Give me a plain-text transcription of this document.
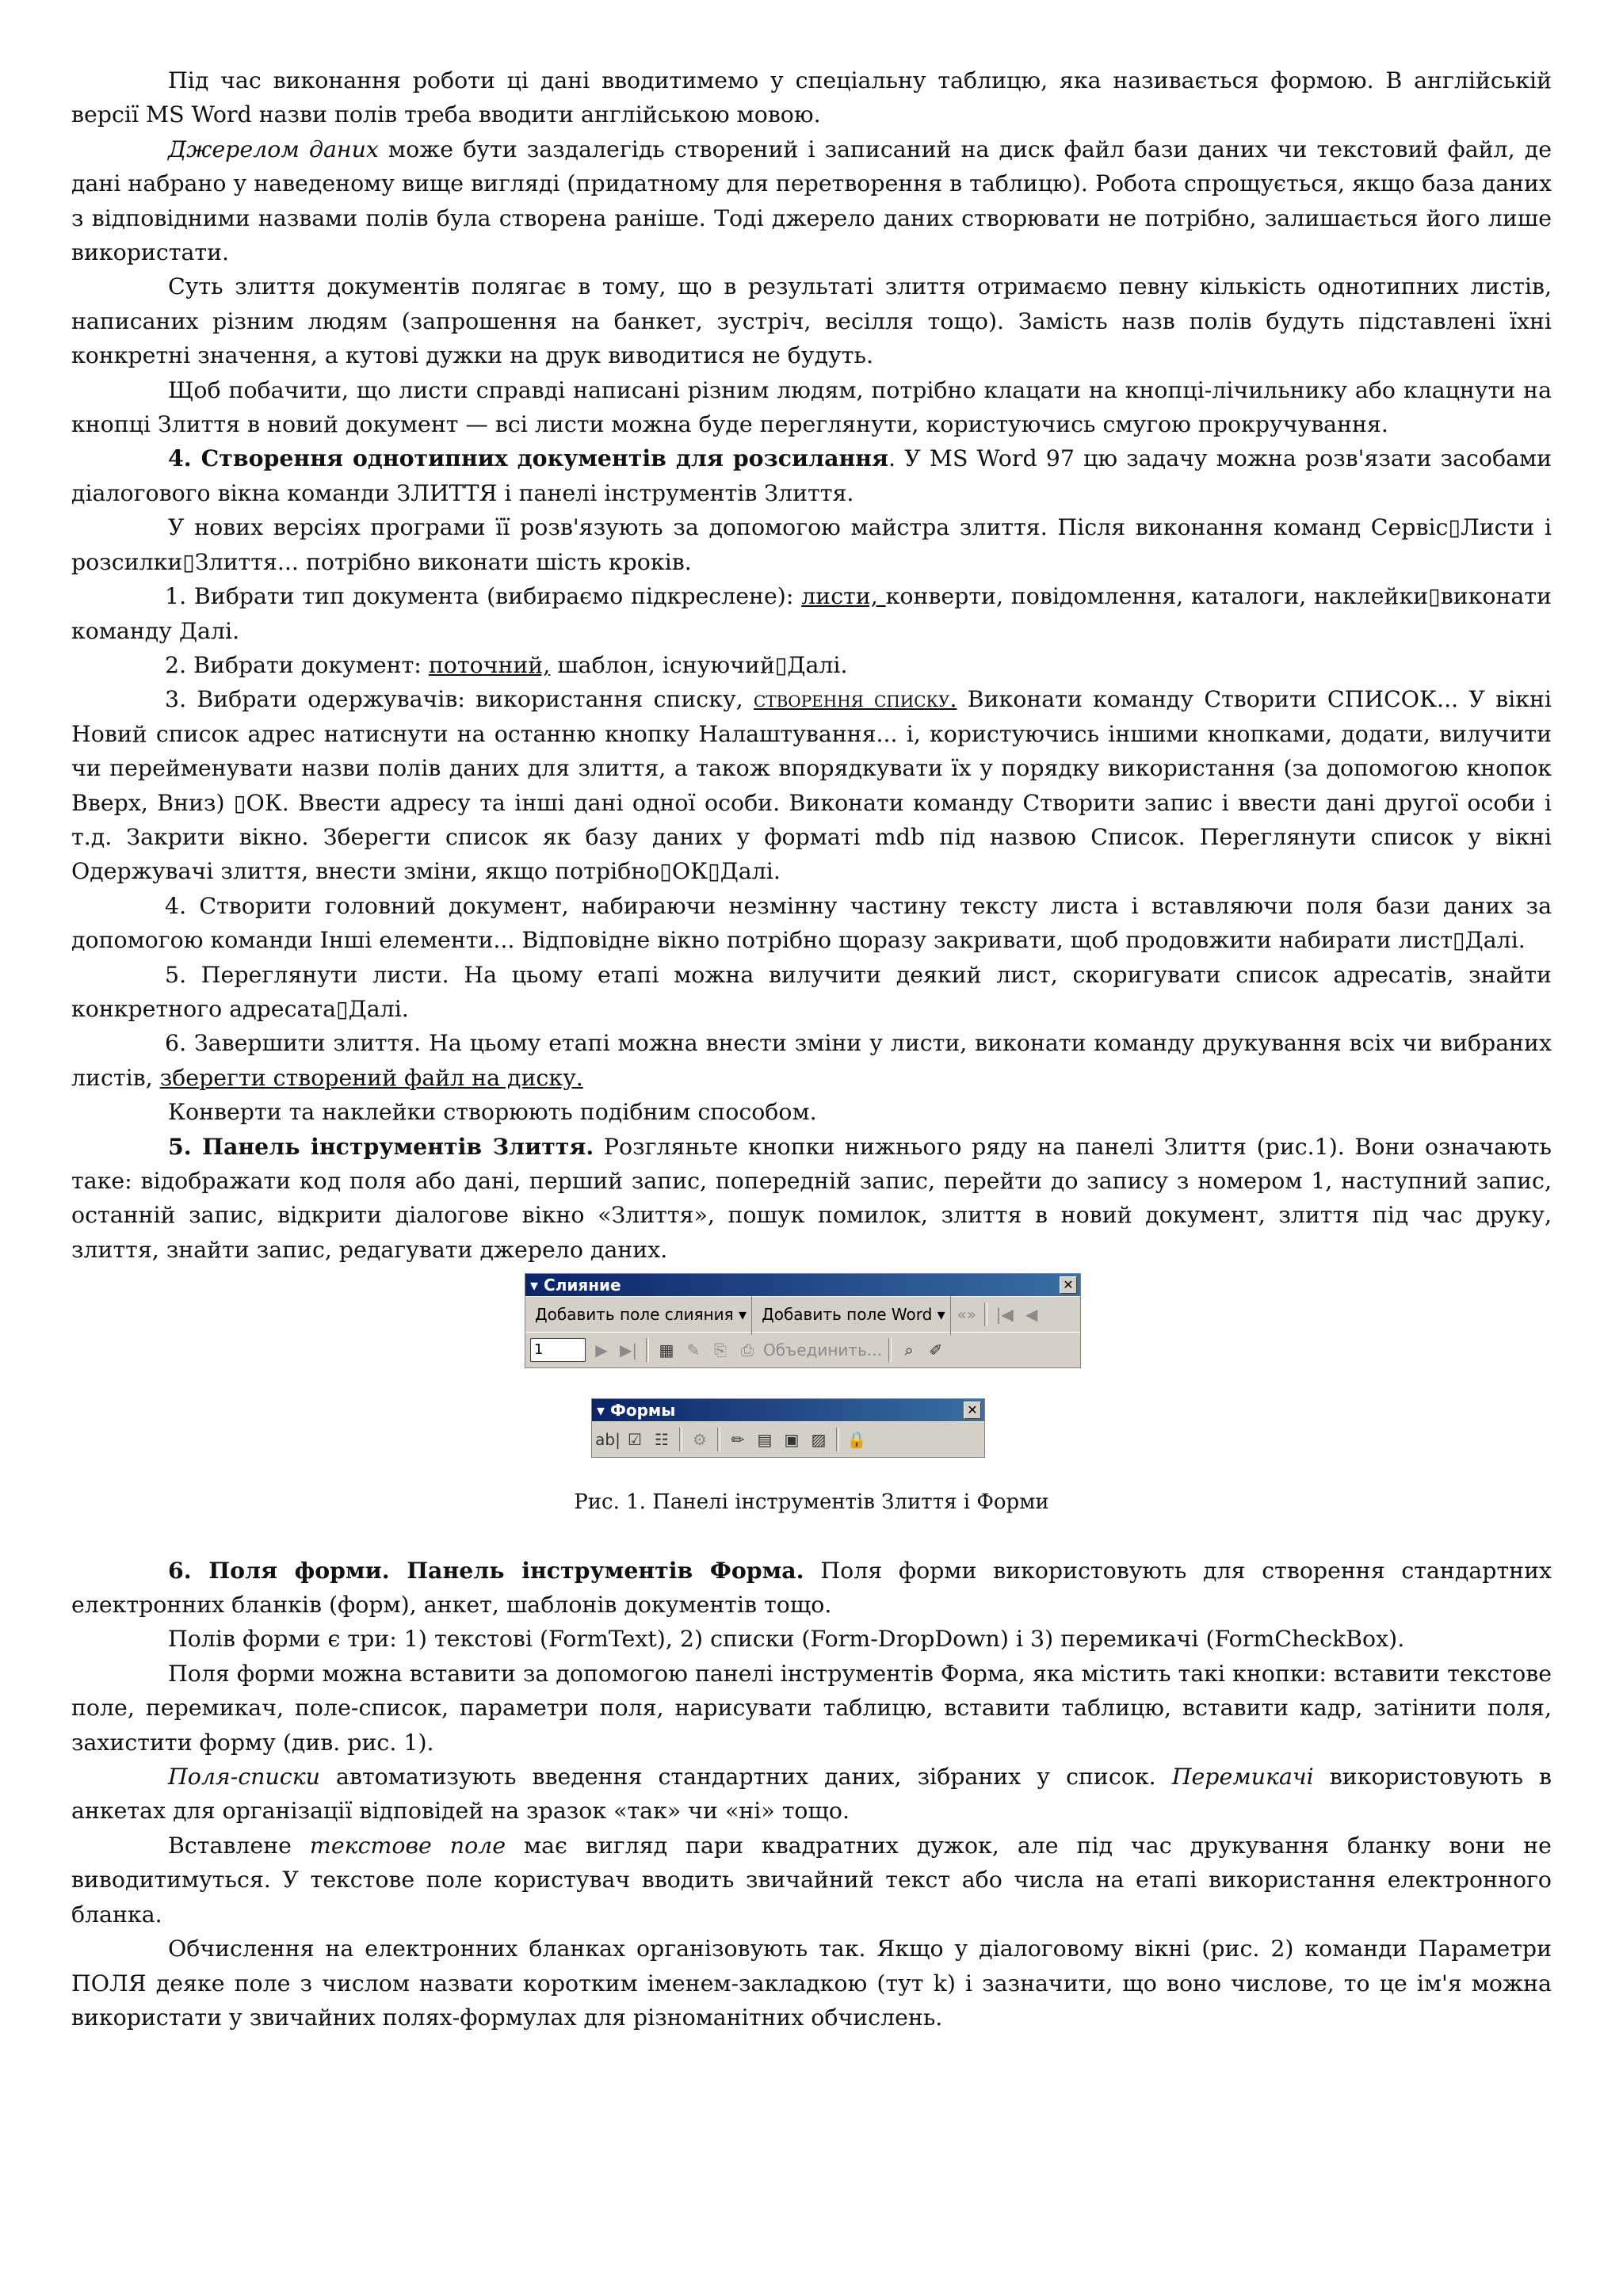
Під час виконання роботи ці дані вводитимемо у спеціальну таблицю, яка називається формою. В англійській версії MS Word назви полів треба вводити англійською мовою.

Джерелом даних може бути заздалегідь створений і записаний на диск файл бази даних чи текстовий файл, де дані набрано у наведеному вище вигляді (придатному для перетворення в таблицю). Робота спрощується, якщо база даних з відповідними назвами полів була створена раніше. Тоді джерело даних створювати не потрібно, залишається його лише використати.

Суть злиття документів полягає в тому, що в результаті злиття отримаємо певну кількість однотипних листів, написаних різним людям (запрошення на банкет, зустріч, весілля тощо). Замість назв полів будуть підставлені їхні конкретні значення, а кутові дужки на друк виводитися не будуть.

Щоб побачити, що листи справді написані різним людям, потрібно клацати на кнопці-лічильнику або клацнути на кнопці Злиття в новий документ — всі листи можна буде переглянути, користуючись смугою прокручування.

4. Створення однотипних документів для розсилання. У MS Word 97 цю задачу можна розв'язати засобами діалогового вікна команди ЗЛИТТЯ і панелі інструментів Злиття.

У нових версіях програми її розв'язують за допомогою майстра злиття. Після виконання команд Сервіс▯Листи і розсилки▯Злиття... потрібно виконати шість кроків.

1. Вибрати тип документа (вибираємо підкреслене): листи, конверти, повідомлення, каталоги, наклейки▯виконати команду Далі.

2. Вибрати документ: поточний, шаблон, існуючий▯Далі.

3. Вибрати одержувачів: використання списку, створення списку. Виконати команду Створити СПИСОК... У вікні Новий список адрес натиснути на останню кнопку Налаштування... і, користуючись іншими кнопками, додати, вилучити чи перейменувати назви полів даних для злиття, а також впорядкувати їх у порядку використання (за допомогою кнопок Вверх, Вниз) ▯ОК. Ввести адресу та інші дані одної особи. Виконати команду Створити запис і ввести дані другої особи і т.д. Закрити вікно. Зберегти список як базу даних у форматі mdb під назвою Список. Переглянути список у вікні Одержувачі злиття, внести зміни, якщо потрібно▯ОК▯Далі.

4. Створити головний документ, набираючи незмінну частину тексту листа і вставляючи поля бази даних за допомогою команди Інші елементи... Відповідне вікно потрібно щоразу закривати, щоб продовжити набирати лист▯Далі.

5. Переглянути листи. На цьому етапі можна вилучити деякий лист, скоригувати список адресатів, знайти конкретного адресата▯Далі.

6. Завершити злиття. На цьому етапі можна внести зміни у листи, виконати команду друкування всіх чи вибраних листів, зберегти створений файл на диску.

Конверти та наклейки створюють подібним способом.

5. Панель інструментів Злиття. Розгляньте кнопки нижнього ряду на панелі Злиття (рис.1). Вони означають таке: відображати код поля або дані, перший запис, попередній запис, перейти до запису з номером 1, наступний запис, останній запис, відкрити діалогове вікно «Злиття», пошук помилок, злиття в новий документ, злиття під час друку, злиття, знайти запис, редагувати джерело даних.

▾ Слияние	✕
Добавить поле слияния ▾ Добавить поле Word ▾ «» |◀ ◀
1	▶ ▶| ▦ ✎ ⎘ ⎙ Объединить...	⌕	✐
▾ Формы	✕
ab| ☑ ☷ ⚙ ✏ ▤ ▣ ▨ 🔒
Рис. 1. Панелі інструментів Злиття і Форми

6. Поля форми. Панель інструментів Форма. Поля форми використовують для створення стандартних електронних бланків (форм), анкет, шаблонів документів тощо.

Полів форми є три: 1) текстові (FormText), 2) списки (Form-DropDown) і 3) перемикачі (FormCheckBox).

Поля форми можна вставити за допомогою панелі інструментів Форма, яка містить такі кнопки: вставити текстове поле, перемикач, поле-список, параметри поля, нарисувати таблицю, вставити таблицю, вставити кадр, затінити поля, захистити форму (див. рис. 1).

Поля-списки автоматизують введення стандартних даних, зібраних у список. Перемикачі використовують в анкетах для організації відповідей на зразок «так» чи «ні» тощо.

Вставлене текстове поле має вигляд пари квадратних дужок, але під час друкування бланку вони не виводитимуться. У текстове поле користувач вводить звичайний текст або числа на етапі використання електронного бланка.

Обчислення на електронних бланках організовують так. Якщо у діалоговому вікні (рис. 2) команди Параметри ПОЛЯ деяке поле з числом назвати коротким іменем-закладкою (тут k) і зазначити, що воно числове, то це ім'я можна використати у звичайних полях-формулах для різноманітних обчислень.
